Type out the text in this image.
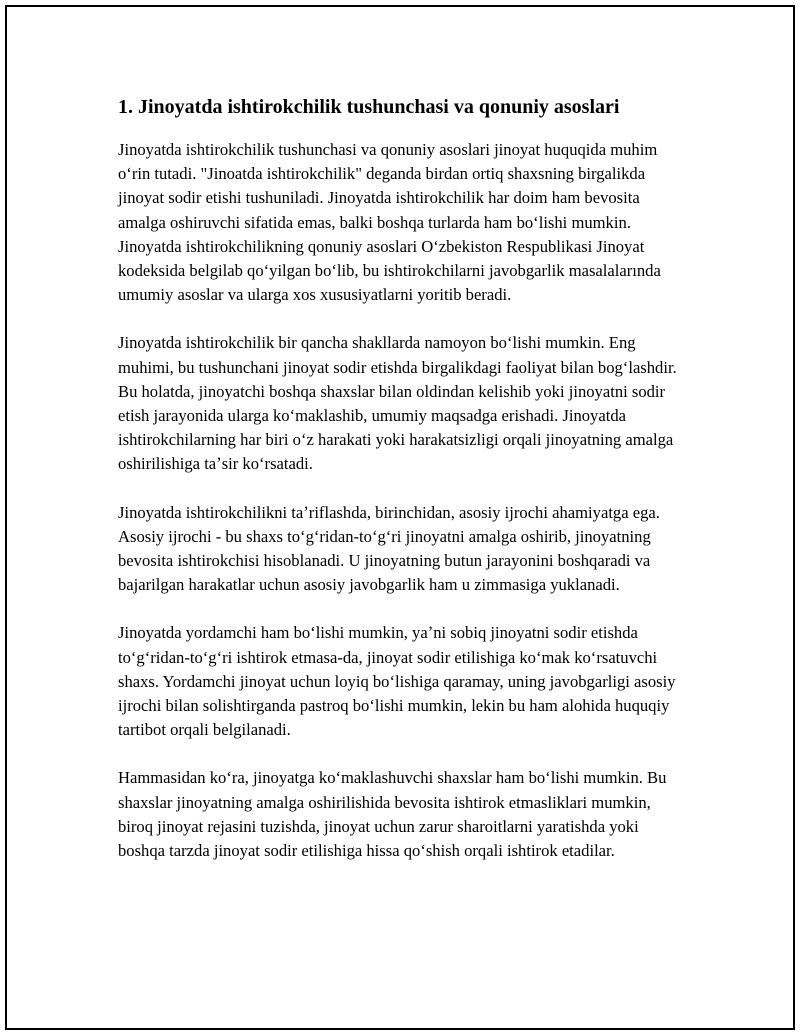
1. Jinoyatda ishtirokchilik tushunchasi va qonuniy asoslari

Jinoyatda ishtirokchilik tushunchasi va qonuniy asoslari jinoyat huquqida muhim oʻrin tutadi. "Jinoatda ishtirokchilik" deganda birdan ortiq shaxsning birgalikda jinoyat sodir etishi tushuniladi. Jinoyatda ishtirokchilik har doim ham bevosita amalga oshiruvchi sifatida emas, balki boshqa turlarda ham boʻlishi mumkin. Jinoyatda ishtirokchilikning qonuniy asoslari Oʻzbekiston Respublikasi Jinoyat kodeksida belgilab qoʻyilgan boʻlib, bu ishtirokchilarni javobgarlik masalalarında umumiy asoslar va ularga xos xususiyatlarni yoritib beradi.

Jinoyatda ishtirokchilik bir qancha shakllarda namoyon boʻlishi mumkin. Eng muhimi, bu tushunchani jinoyat sodir etishda birgalikdagi faoliyat bilan bogʻlashdir. Bu holatda, jinoyatchi boshqa shaxslar bilan oldindan kelishib yoki jinoyatni sodir etish jarayonida ularga koʻmaklashib, umumiy maqsadga erishadi. Jinoyatda ishtirokchilarning har biri oʻz harakati yoki harakatsizligi orqali jinoyatning amalga oshirilishiga taʼsir koʻrsatadi.

Jinoyatda ishtirokchilikni taʼriflashda, birinchidan, asosiy ijrochi ahamiyatga ega. Asosiy ijrochi - bu shaxs toʻgʻridan-toʻgʻri jinoyatni amalga oshirib, jinoyatning bevosita ishtirokchisi hisoblanadi. U jinoyatning butun jarayonini boshqaradi va bajarilgan harakatlar uchun asosiy javobgarlik ham u zimmasiga yuklanadi.

Jinoyatda yordamchi ham boʻlishi mumkin, yaʼni sobiq jinoyatni sodir etishda toʻgʻridan-toʻgʻri ishtirok etmasa-da, jinoyat sodir etilishiga koʻmak koʻrsatuvchi shaxs. Yordamchi jinoyat uchun loyiq boʻlishiga qaramay, uning javobgarligi asosiy ijrochi bilan solishtirganda pastroq boʻlishi mumkin, lekin bu ham alohida huquqiy tartibot orqali belgilanadi.

Hammasidan koʻra, jinoyatga koʻmaklashuvchi shaxslar ham boʻlishi mumkin. Bu shaxslar jinoyatning amalga oshirilishida bevosita ishtirok etmasliklari mumkin, biroq jinoyat rejasini tuzishda, jinoyat uchun zarur sharoitlarni yaratishda yoki boshqa tarzda jinoyat sodir etilishiga hissa qoʻshish orqali ishtirok etadilar.
